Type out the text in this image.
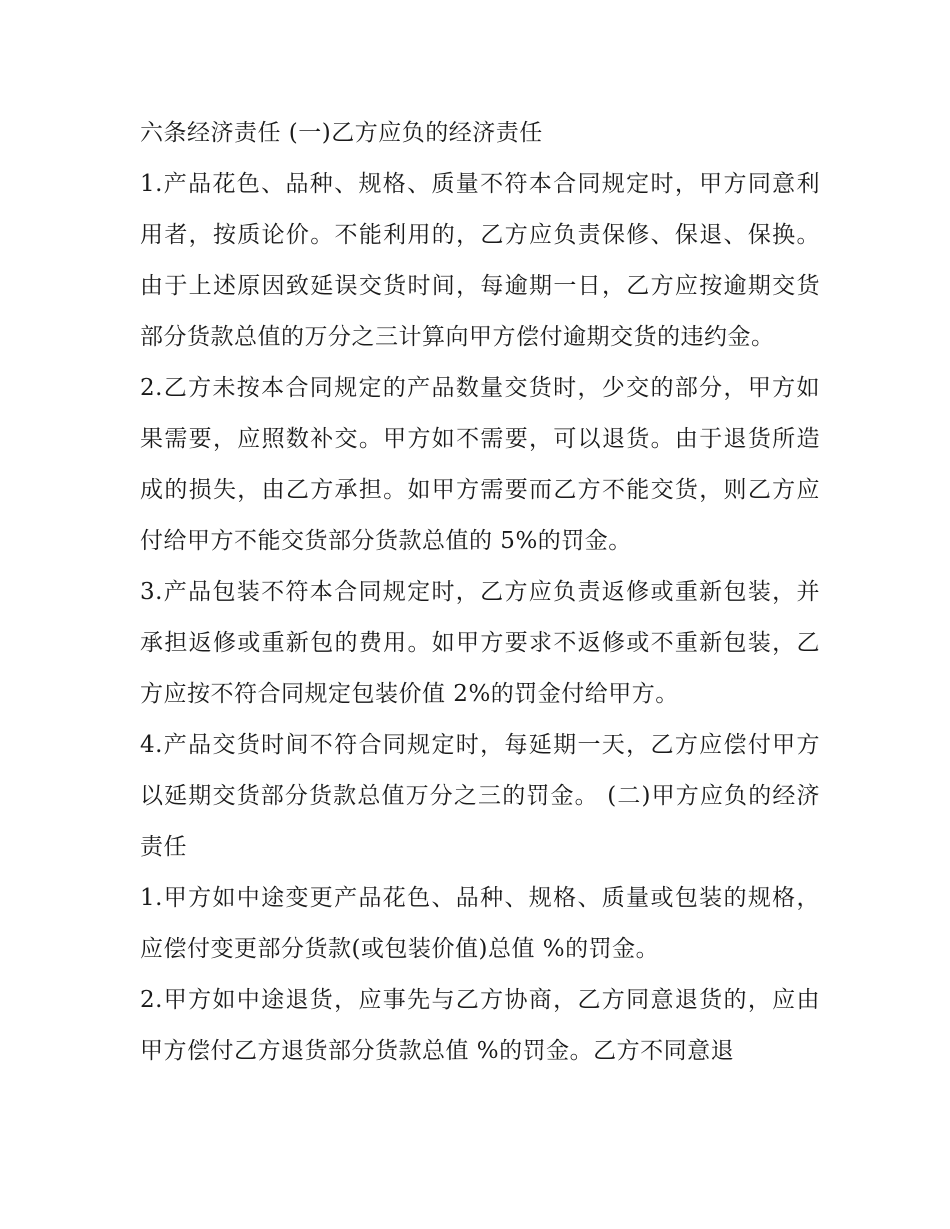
六条经济责任 (一)乙方应负的经济责任

1.产品花色、品种、规格、质量不符本合同规定时，甲方同意利用者，按质论价。不能利用的，乙方应负责保修、保退、保换。由于上述原因致延误交货时间，每逾期一日，乙方应按逾期交货部分货款总值的万分之三计算向甲方偿付逾期交货的违约金。

2.乙方未按本合同规定的产品数量交货时，少交的部分，甲方如果需要，应照数补交。甲方如不需要，可以退货。由于退货所造成的损失，由乙方承担。如甲方需要而乙方不能交货，则乙方应付给甲方不能交货部分货款总值的 5%的罚金。

3.产品包装不符本合同规定时，乙方应负责返修或重新包装，并承担返修或重新包的费用。如甲方要求不返修或不重新包装，乙方应按不符合同规定包装价值 2%的罚金付给甲方。

4.产品交货时间不符合同规定时，每延期一天，乙方应偿付甲方以延期交货部分货款总值万分之三的罚金。 (二)甲方应负的经济责任

1.甲方如中途变更产品花色、品种、规格、质量或包装的规格，应偿付变更部分货款(或包装价值)总值 %的罚金。

2.甲方如中途退货，应事先与乙方协商，乙方同意退货的，应由甲方偿付乙方退货部分货款总值 %的罚金。乙方不同意退
